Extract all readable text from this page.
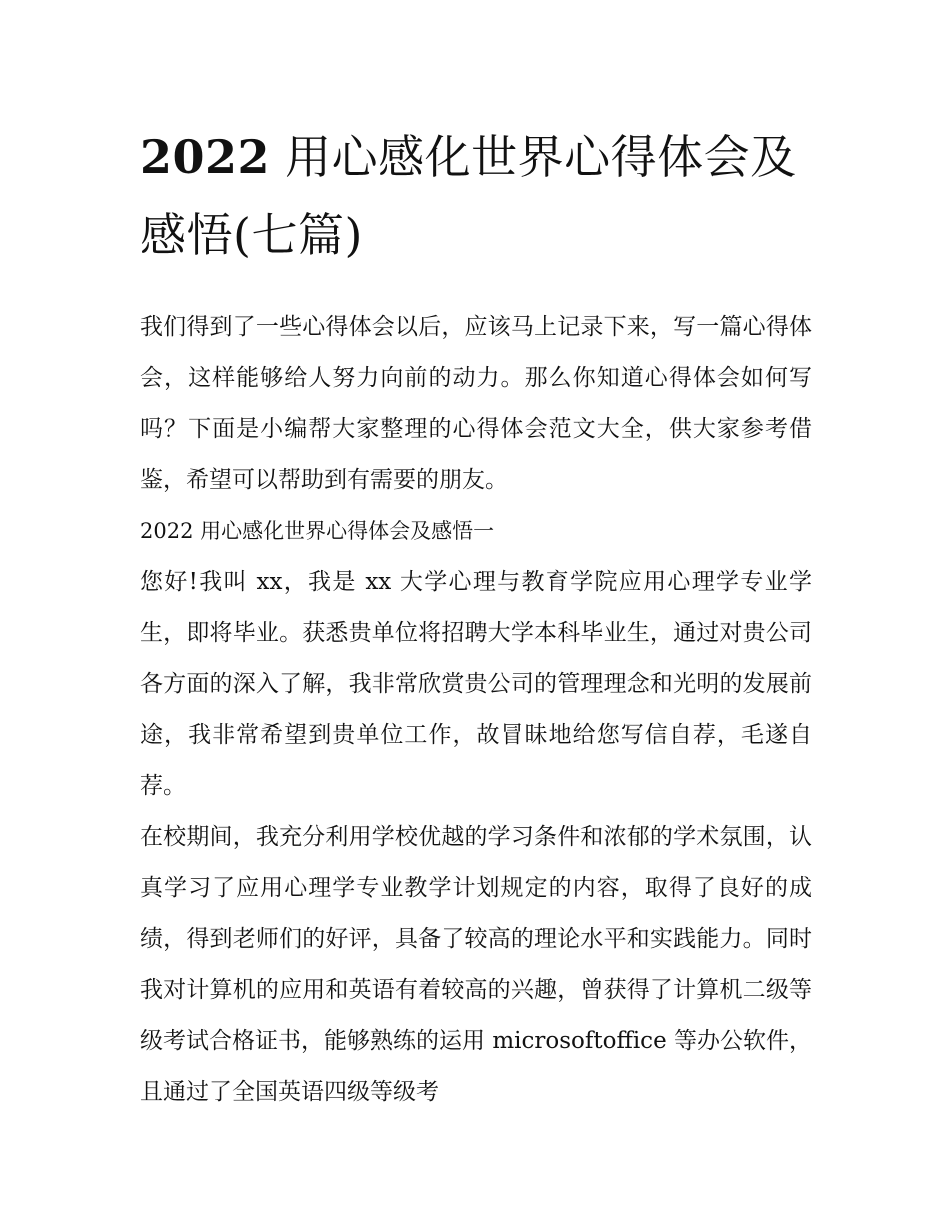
2022 用心感化世界心得体会及感悟(七篇)

我们得到了一些心得体会以后，应该马上记录下来，写一篇心得体会，这样能够给人努力向前的动力。那么你知道心得体会如何写吗？下面是小编帮大家整理的心得体会范文大全，供大家参考借鉴，希望可以帮助到有需要的朋友。

2022 用心感化世界心得体会及感悟一

您好!我叫 xx，我是 xx 大学心理与教育学院应用心理学专业学生，即将毕业。获悉贵单位将招聘大学本科毕业生，通过对贵公司各方面的深入了解，我非常欣赏贵公司的管理理念和光明的发展前途，我非常希望到贵单位工作，故冒昧地给您写信自荐，毛遂自荐。

在校期间，我充分利用学校优越的学习条件和浓郁的学术氛围，认真学习了应用心理学专业教学计划规定的内容，取得了良好的成绩，得到老师们的好评，具备了较高的理论水平和实践能力。同时我对计算机的应用和英语有着较高的兴趣，曾获得了计算机二级等级考试合格证书，能够熟练的运用 microsoftoffice 等办公软件，且通过了全国英语四级等级考
